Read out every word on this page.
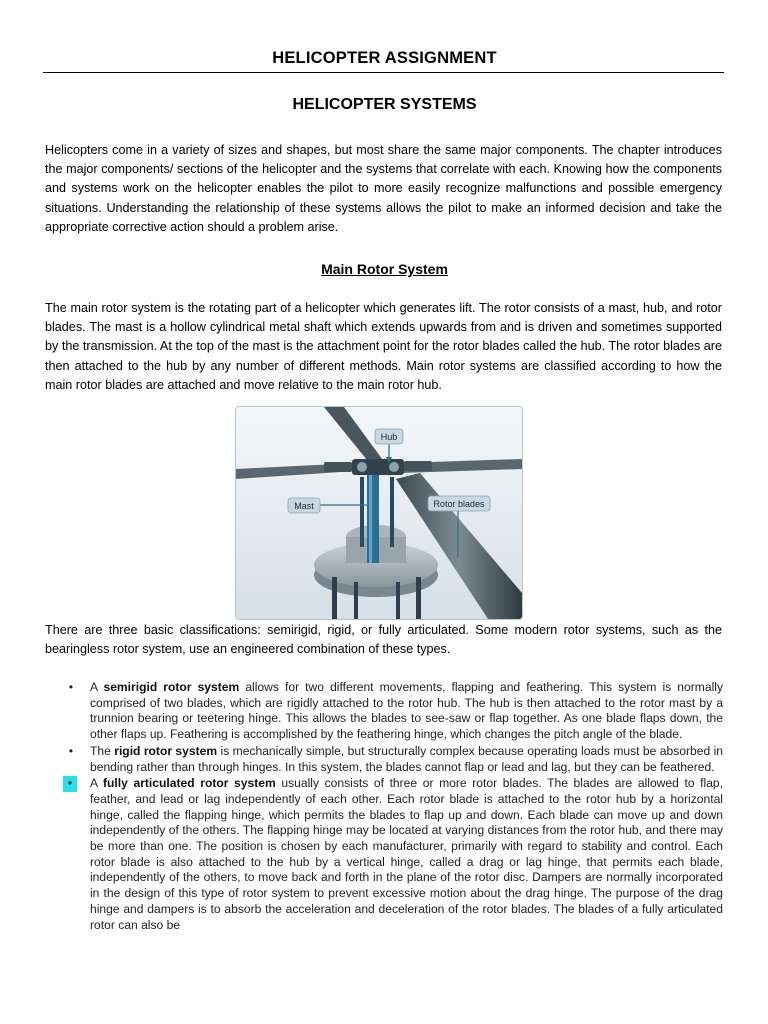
HELICOPTER ASSIGNMENT
HELICOPTER SYSTEMS

Helicopters come in a variety of sizes and shapes, but most share the same major components. The chapter introduces the major components/ sections of the helicopter and the systems that correlate with each. Knowing how the components and systems work on the helicopter enables the pilot to more easily recognize malfunctions and possible emergency situations. Understanding the relationship of these systems allows the pilot to make an informed decision and take the appropriate corrective action should a problem arise.

Main Rotor System

The main rotor system is the rotating part of a helicopter which generates lift. The rotor consists of a mast, hub, and rotor blades. The mast is a hollow cylindrical metal shaft which extends upwards from and is driven and sometimes supported by the transmission. At the top of the mast is the attachment point for the rotor blades called the hub. The rotor blades are then attached to the hub by any number of different methods. Main rotor systems are classified according to how the main rotor blades are attached and move relative to the main rotor hub.

Hub
Mast	Rotor blades

There are three basic classifications: semirigid, rigid, or fully articulated. Some modern rotor systems, such as the bearingless rotor system, use an engineered combination of these types.

•	A semirigid rotor system allows for two different movements, flapping and feathering. This system is normally comprised of two blades, which are rigidly attached to the rotor hub. The hub is then attached to the rotor mast by a trunnion bearing or teetering hinge. This allows the blades to see-saw or flap together. As one blade flaps down, the other flaps up. Feathering is accomplished by the feathering hinge, which changes the pitch angle of the blade.
•	The rigid rotor system is mechanically simple, but structurally complex because operating loads must be absorbed in bending rather than through hinges. In this system, the blades cannot flap or lead and lag, but they can be feathered.
•	A fully articulated rotor system usually consists of three or more rotor blades. The blades are allowed to flap, feather, and lead or lag independently of each other. Each rotor blade is attached to the rotor hub by a horizontal hinge, called the flapping hinge, which permits the blades to flap up and down. Each blade can move up and down independently of the others. The flapping hinge may be located at varying distances from the rotor hub, and there may be more than one. The position is chosen by each manufacturer, primarily with regard to stability and control. Each rotor blade is also attached to the hub by a vertical hinge, called a drag or lag hinge, that permits each blade, independently of the others, to move back and forth in the plane of the rotor disc. Dampers are normally incorporated in the design of this type of rotor system to prevent excessive motion about the drag hinge. The purpose of the drag hinge and dampers is to absorb the acceleration and deceleration of the rotor blades. The blades of a fully articulated rotor can also be
